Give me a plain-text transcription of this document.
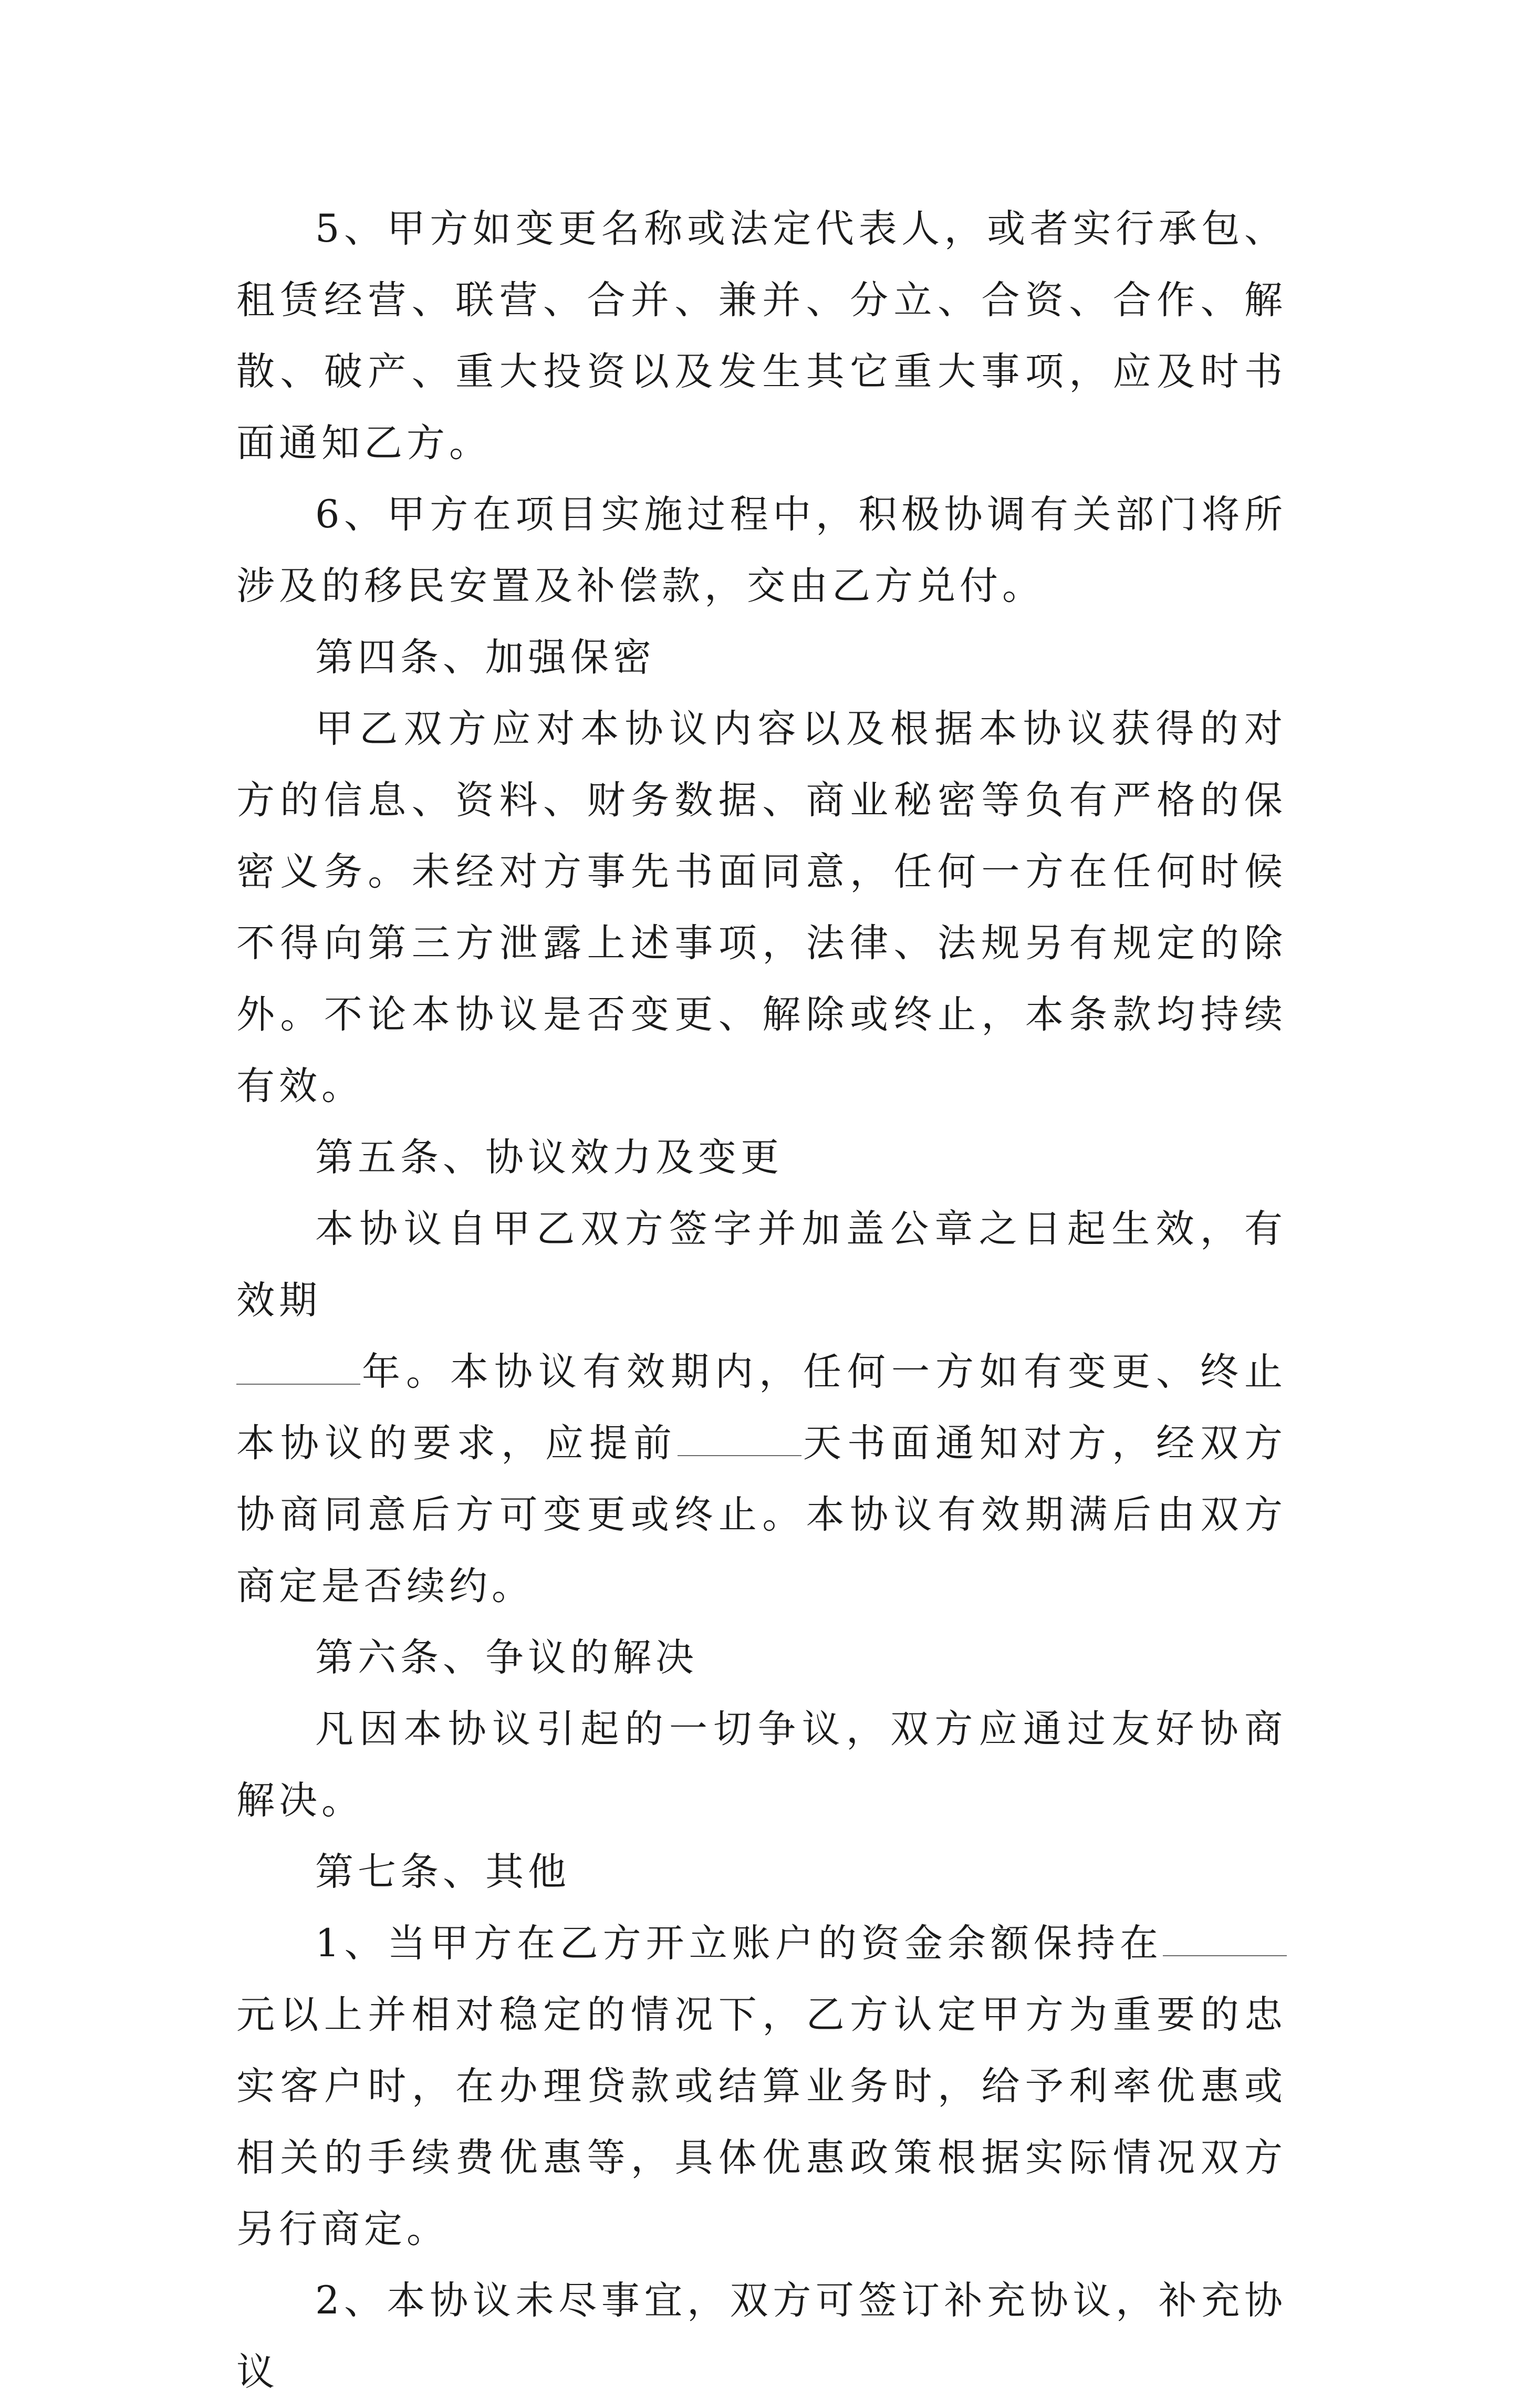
5、甲方如变更名称或法定代表人，或者实行承包、租赁经营、联营、合并、兼并、分立、合资、合作、解散、破产、重大投资以及发生其它重大事项，应及时书面通知乙方。

6、甲方在项目实施过程中，积极协调有关部门将所涉及的移民安置及补偿款，交由乙方兑付。

第四条、加强保密

甲乙双方应对本协议内容以及根据本协议获得的对方的信息、资料、财务数据、商业秘密等负有严格的保密义务。未经对方事先书面同意，任何一方在任何时候不得向第三方泄露上述事项，法律、法规另有规定的除外。不论本协议是否变更、解除或终止，本条款均持续有效。

第五条、协议效力及变更

本协议自甲乙双方签字并加盖公章之日起生效，有效期
年。本协议有效期内，任何一方如有变更、终止本协议的要求，应提前	天书面通知对方，经双方协商同意后方可变更或终止。本协议有效期满后由双方商定是否续约。

第六条、争议的解决

凡因本协议引起的一切争议，双方应通过友好协商解决。

第七条、其他

1、当甲方在乙方开立账户的资金余额保持在元以上并相对稳定的情况下，乙方认定甲方为重要的忠实客户时，在办理贷款或结算业务时，给予利率优惠或相关的手续费优惠等，具体优惠政策根据实际情况双方另行商定。

2、本协议未尽事宜，双方可签订补充协议，补充协议
